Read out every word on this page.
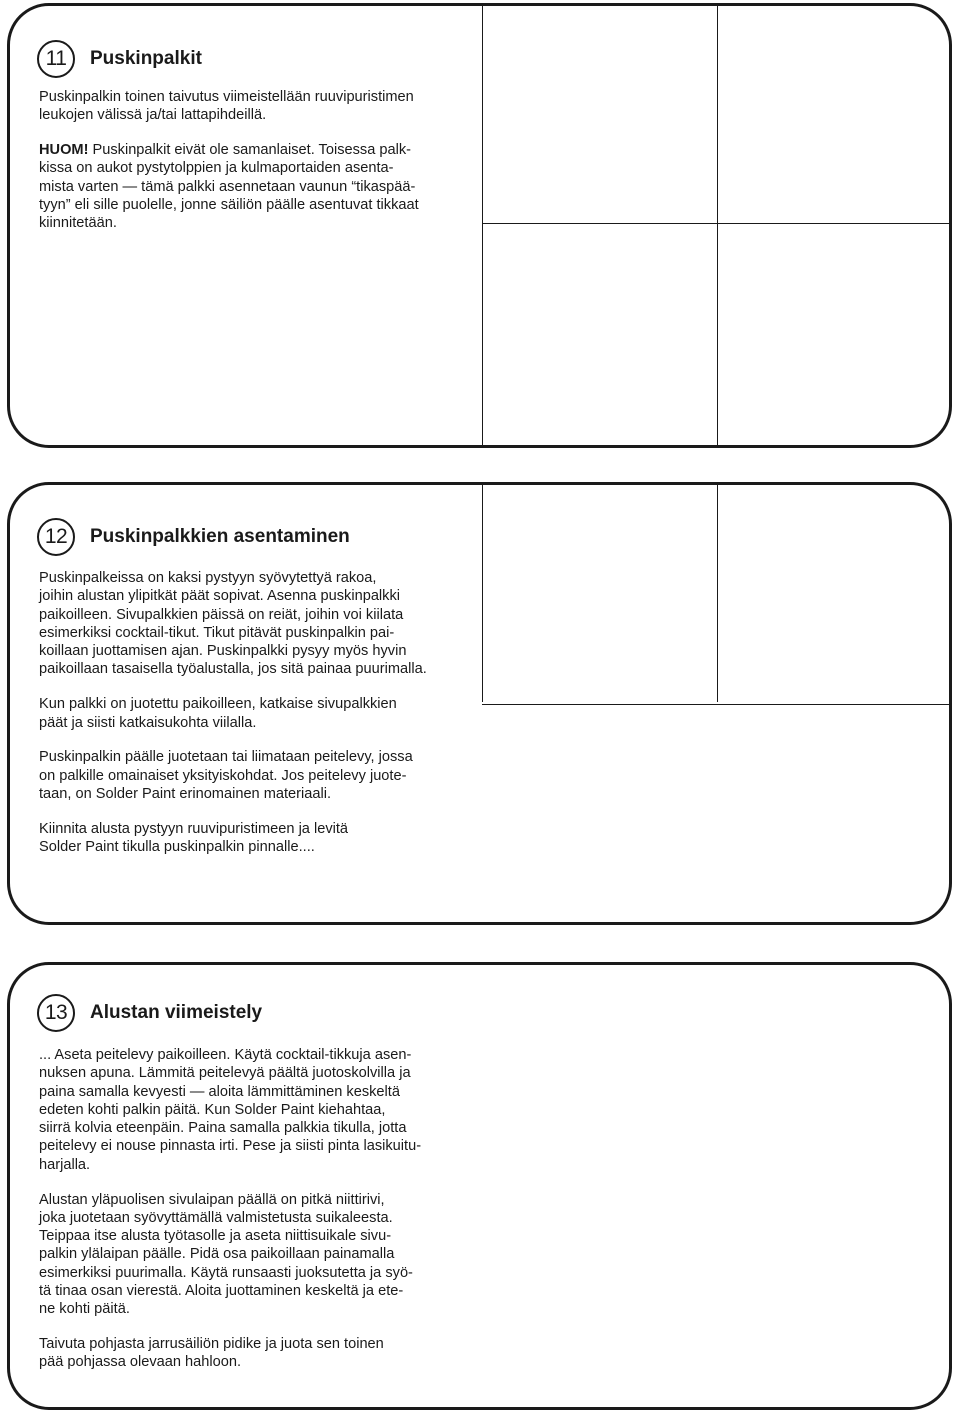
11	Puskinpalkit

Puskinpalkin toinen taivutus viimeistellään ruuvipuristimen
leukojen välissä ja/tai lattapihdeillä.

HUOM! Puskinpalkit eivät ole samanlaiset. Toisessa palk-
kissa on aukot pystytolppien ja kulmaportaiden asenta-
mista varten — tämä palkki asennetaan vaunun “tikaspää-
tyyn” eli sille puolelle, jonne säiliön päälle asentuvat tikkaat
kiinnitetään.

12	Puskinpalkkien asentaminen

Puskinpalkeissa on kaksi pystyyn syövytettyä rakoa,
joihin alustan ylipitkät päät sopivat. Asenna puskinpalkki
paikoilleen. Sivupalkkien päissä on reiät, joihin voi kiilata
esimerkiksi cocktail-tikut. Tikut pitävät puskinpalkin pai-
koillaan juottamisen ajan. Puskinpalkki pysyy myös hyvin
paikoillaan tasaisella työalustalla, jos sitä painaa puurimalla.

Kun palkki on juotettu paikoilleen, katkaise sivupalkkien
päät ja siisti katkaisukohta viilalla.

Puskinpalkin päälle juotetaan tai liimataan peitelevy, jossa
on palkille omainaiset yksityiskohdat. Jos peitelevy juote-
taan, on Solder Paint erinomainen materiaali.

Kiinnita alusta pystyyn ruuvipuristimeen ja levitä
Solder Paint tikulla puskinpalkin pinnalle....

13	Alustan viimeistely

... Aseta peitelevy paikoilleen. Käytä cocktail-tikkuja asen-
nuksen apuna. Lämmitä peitelevyä päältä juotoskolvilla ja
paina samalla kevyesti — aloita lämmittäminen keskeltä
edeten kohti palkin päitä. Kun Solder Paint kiehahtaa,
siirrä kolvia eteenpäin. Paina samalla palkkia tikulla, jotta
peitelevy ei nouse pinnasta irti. Pese ja siisti pinta lasikuitu-
harjalla.

Alustan yläpuolisen sivulaipan päällä on pitkä niittirivi,
joka juotetaan syövyttämällä valmistetusta suikaleesta.
Teippaa itse alusta työtasolle ja aseta niittisuikale sivu-
palkin ylälaipan päälle. Pidä osa paikoillaan painamalla
esimerkiksi puurimalla. Käytä runsaasti juoksutetta ja syö-
tä tinaa osan vierestä. Aloita juottaminen keskeltä ja ete-
ne kohti päitä.

Taivuta pohjasta jarrusäiliön pidike ja juota sen toinen
pää pohjassa olevaan hahloon.
